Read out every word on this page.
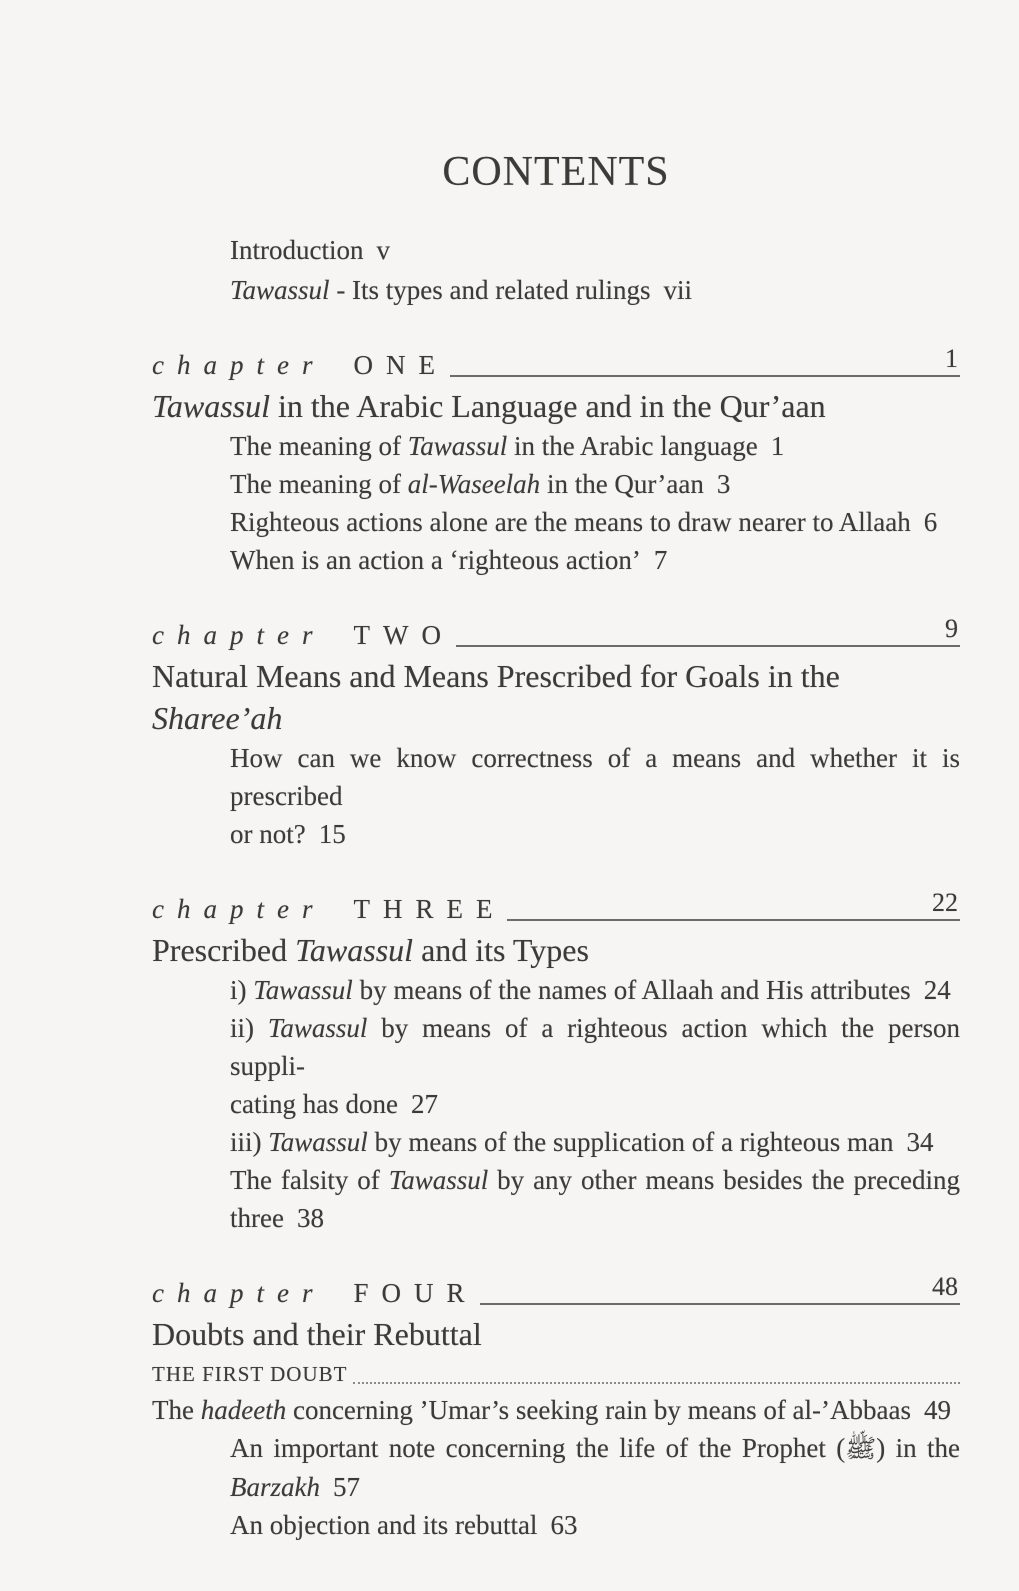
CONTENTS
Introduction v
Tawassul - Its types and related rulings vii
chapter ONE	1
Tawassul in the Arabic Language and in the Qur’aan
The meaning of Tawassul in the Arabic language 1
The meaning of al-Waseelah in the Qur’aan 3
Righteous actions alone are the means to draw nearer to Allaah 6
When is an action a ‘righteous action’ 7
chapter TWO	9
Natural Means and Means Prescribed for Goals in the Sharee’ah
How can we know correctness of a means and whether it is prescribed
or not? 15
chapter THREE	22
Prescribed Tawassul and its Types
i) Tawassul by means of the names of Allaah and His attributes 24
ii) Tawassul by means of a righteous action which the person suppli-
cating has done 27
iii) Tawassul by means of the supplication of a righteous man 34
The falsity of Tawassul by any other means besides the preceding
three 38
chapter FOUR	48
Doubts and their Rebuttal
THE FIRST DOUBT
The hadeeth concerning ’Umar’s seeking rain by means of al-’Abbaas 49
An important note concerning the life of the Prophet (ﷺ) in the
Barzakh 57
An objection and its rebuttal 63
